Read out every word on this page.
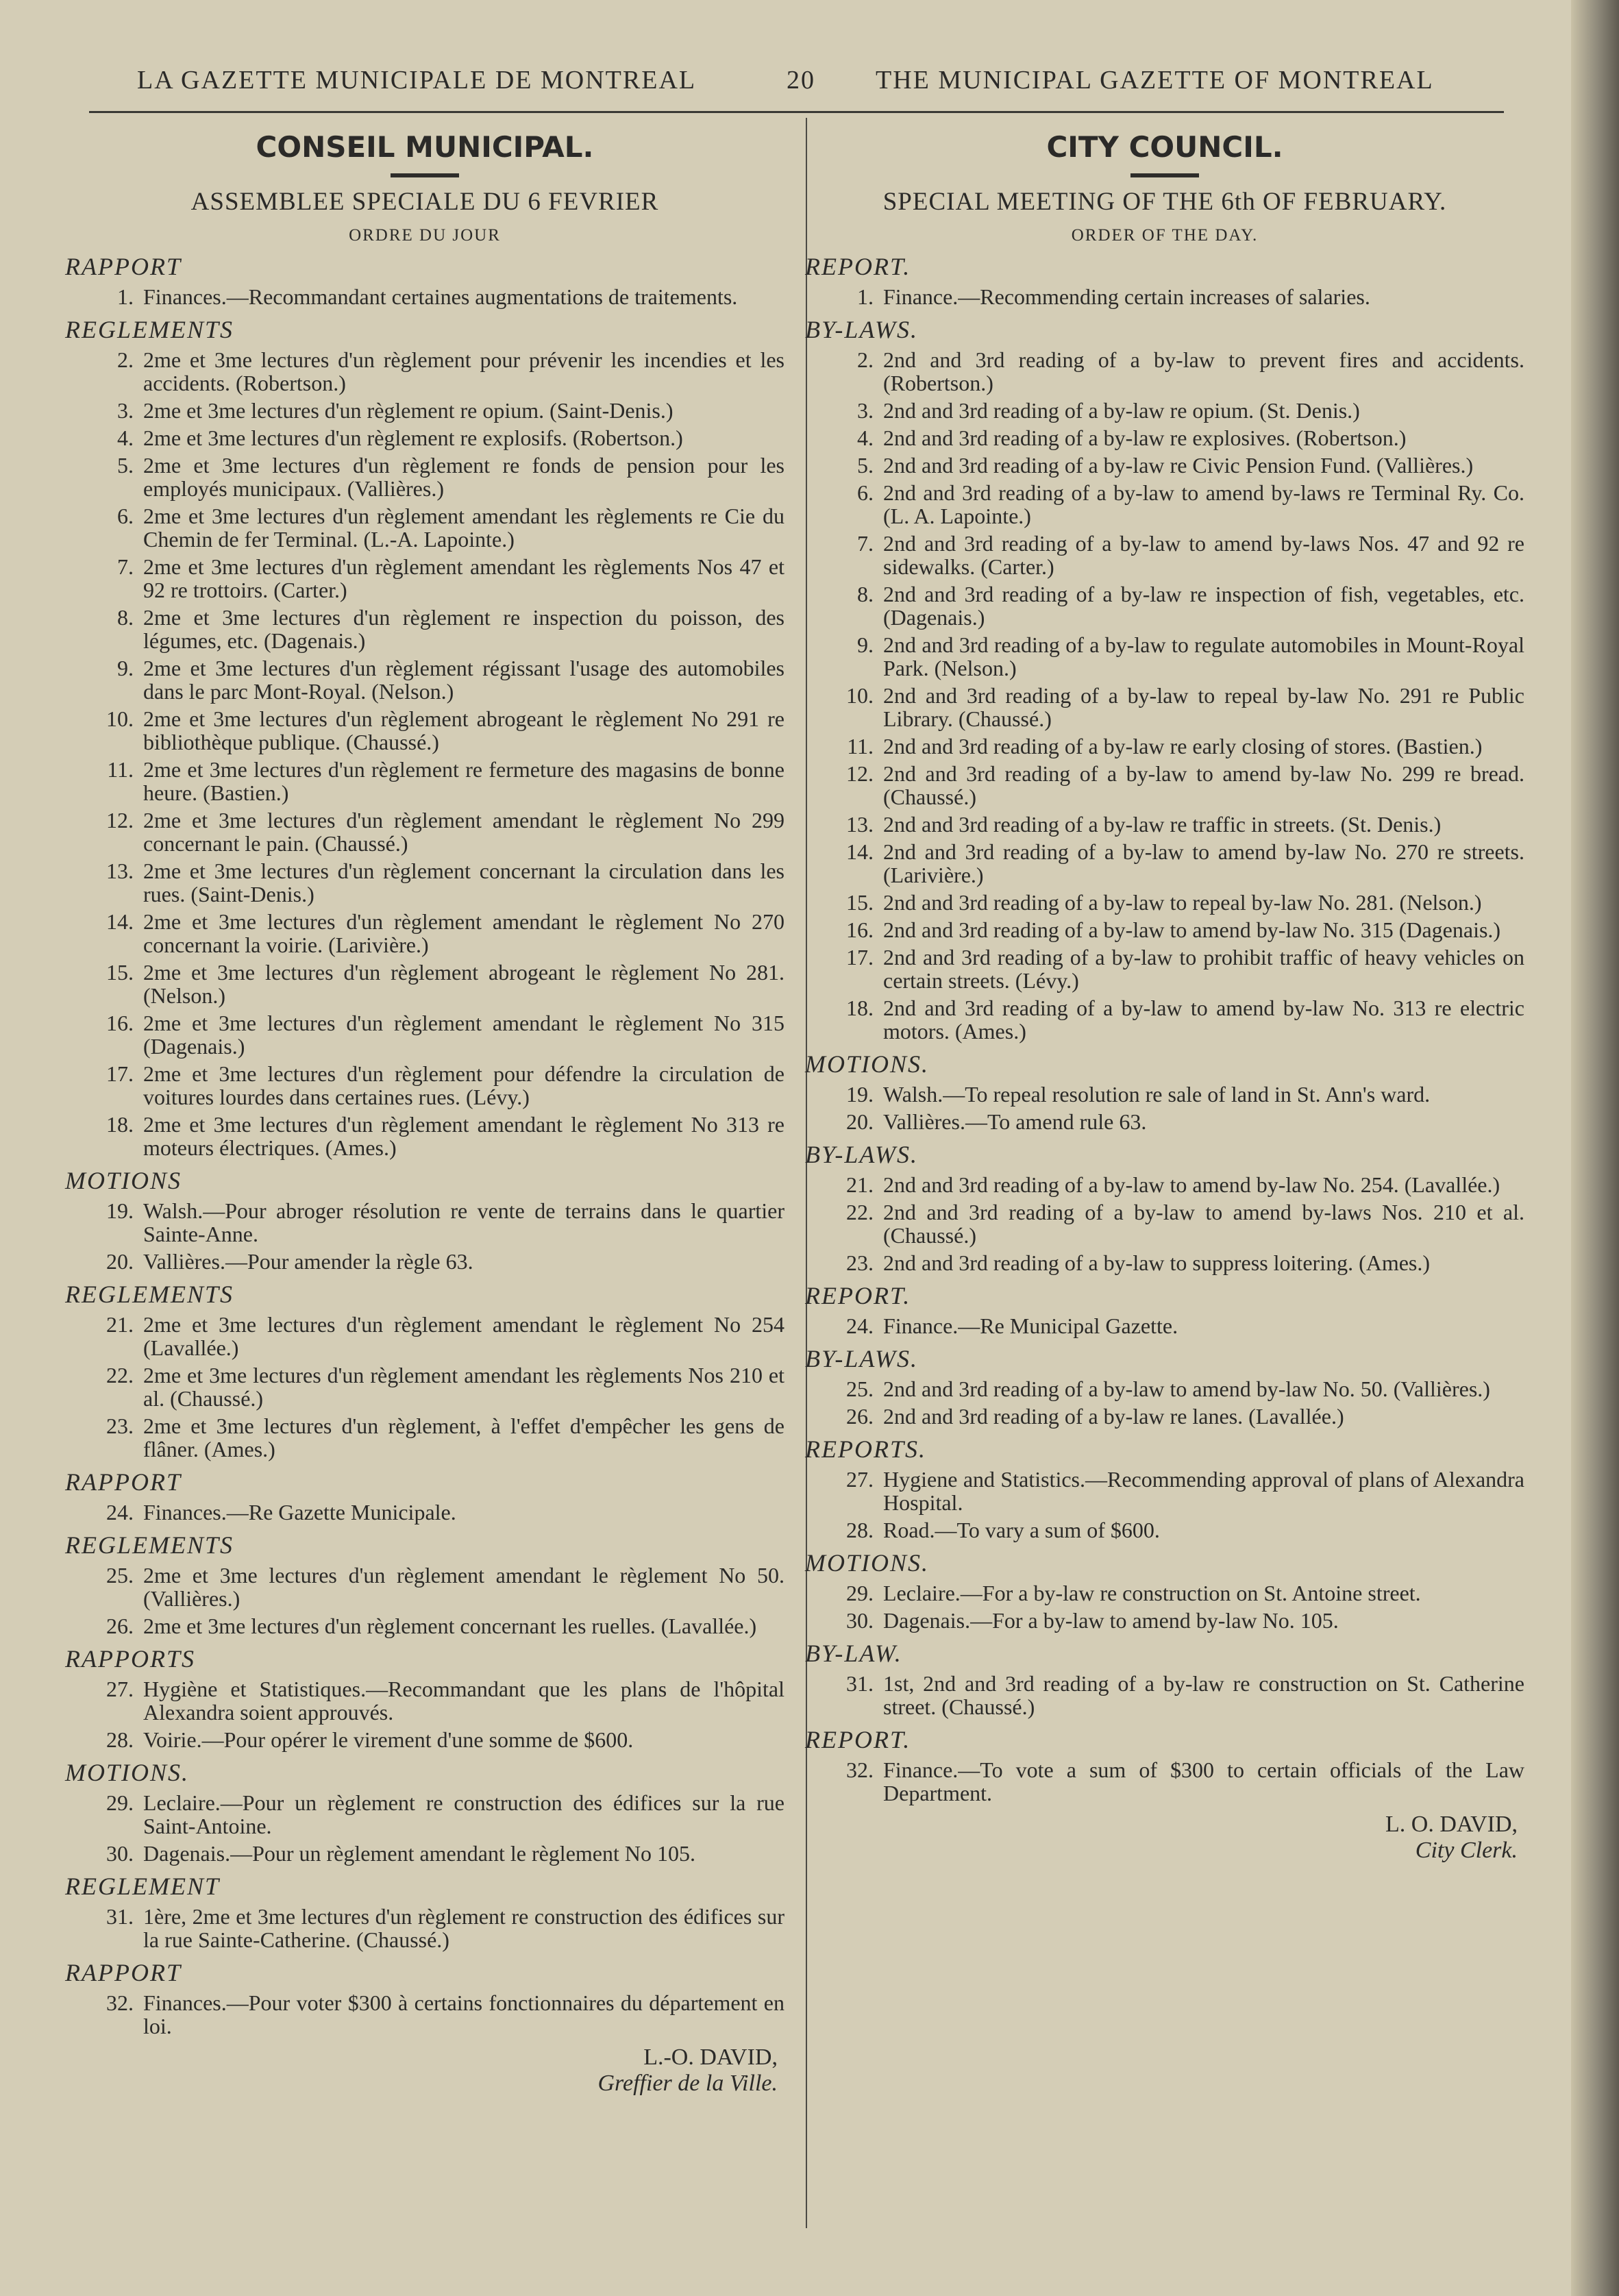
LA GAZETTE MUNICIPALE DE MONTREAL	20 THE MUNICIPAL GAZETTE OF MONTREAL
CONSEIL MUNICIPAL.
ASSEMBLEE SPECIALE DU 6 FEVRIER
ORDRE DU JOUR
RAPPORT
1. Finances.—Recommandant certaines augmentations de traitements.
REGLEMENTS
2. 2me et 3me lectures d'un règlement pour prévenir les incendies et les accidents. (Robertson.)
3. 2me et 3me lectures d'un règlement re opium. (Saint-Denis.)
4. 2me et 3me lectures d'un règlement re explosifs. (Robertson.)
5. 2me et 3me lectures d'un règlement re fonds de pension pour les employés municipaux. (Vallières.)
6. 2me et 3me lectures d'un règlement amendant les règlements re Cie du Chemin de fer Terminal. (L.-A. Lapointe.)
7. 2me et 3me lectures d'un règlement amendant les règlements Nos 47 et 92 re trottoirs. (Carter.)
8. 2me et 3me lectures d'un règlement re inspection du poisson, des légumes, etc. (Dagenais.)
9. 2me et 3me lectures d'un règlement régissant l'usage des automobiles dans le parc Mont-Royal. (Nelson.)
10. 2me et 3me lectures d'un règlement abrogeant le règlement No 291 re bibliothèque publique. (Chaussé.)
11. 2me et 3me lectures d'un règlement re fermeture des magasins de bonne heure. (Bastien.)
12. 2me et 3me lectures d'un règlement amendant le règlement No 299 concernant le pain. (Chaussé.)
13. 2me et 3me lectures d'un règlement concernant la circulation dans les rues. (Saint-Denis.)
14. 2me et 3me lectures d'un règlement amendant le règlement No 270 concernant la voirie. (Larivière.)
15. 2me et 3me lectures d'un règlement abrogeant le règlement No 281. (Nelson.)
16. 2me et 3me lectures d'un règlement amendant le règlement No 315 (Dagenais.)
17. 2me et 3me lectures d'un règlement pour défendre la circulation de voitures lourdes dans certaines rues. (Lévy.)
18. 2me et 3me lectures d'un règlement amendant le règlement No 313 re moteurs électriques. (Ames.)
MOTIONS
19. Walsh.—Pour abroger résolution re vente de terrains dans le quartier Sainte-Anne.
20. Vallières.—Pour amender la règle 63.
REGLEMENTS
21. 2me et 3me lectures d'un règlement amendant le règlement No 254 (Lavallée.)
22. 2me et 3me lectures d'un règlement amendant les règlements Nos 210 et al. (Chaussé.)
23. 2me et 3me lectures d'un règlement, à l'effet d'empêcher les gens de flâner. (Ames.)
RAPPORT
24. Finances.—Re Gazette Municipale.
REGLEMENTS
25. 2me et 3me lectures d'un règlement amendant le règlement No 50. (Vallières.)
26. 2me et 3me lectures d'un règlement concernant les ruelles. (Lavallée.)
RAPPORTS
27. Hygiène et Statistiques.—Recommandant que les plans de l'hôpital Alexandra soient approuvés.
28. Voirie.—Pour opérer le virement d'une somme de $600.
MOTIONS.
29. Leclaire.—Pour un règlement re construction des édifices sur la rue Saint-Antoine.
30. Dagenais.—Pour un règlement amendant le règlement No 105.
REGLEMENT
31. 1ère, 2me et 3me lectures d'un règlement re construction des édifices sur la rue Sainte-Catherine. (Chaussé.)
RAPPORT
32. Finances.—Pour voter $300 à certains fonctionnaires du département en loi.
L.-O. DAVID,
Greffier de la Ville.
CITY COUNCIL.
SPECIAL MEETING OF THE 6th OF FEBRUARY.
ORDER OF THE DAY.
REPORT.
1. Finance.—Recommending certain increases of salaries.
BY-LAWS.
2. 2nd and 3rd reading of a by-law to prevent fires and accidents. (Robertson.)
3. 2nd and 3rd reading of a by-law re opium. (St. Denis.)
4. 2nd and 3rd reading of a by-law re explosives. (Robertson.)
5. 2nd and 3rd reading of a by-law re Civic Pension Fund. (Vallières.)
6. 2nd and 3rd reading of a by-law to amend by-laws re Terminal Ry. Co. (L. A. Lapointe.)
7. 2nd and 3rd reading of a by-law to amend by-laws Nos. 47 and 92 re sidewalks. (Carter.)
8. 2nd and 3rd reading of a by-law re inspection of fish, vegetables, etc. (Dagenais.)
9. 2nd and 3rd reading of a by-law to regulate automobiles in Mount-Royal Park. (Nelson.)
10. 2nd and 3rd reading of a by-law to repeal by-law No. 291 re Public Library. (Chaussé.)
11. 2nd and 3rd reading of a by-law re early closing of stores. (Bastien.)
12. 2nd and 3rd reading of a by-law to amend by-law No. 299 re bread. (Chaussé.)
13. 2nd and 3rd reading of a by-law re traffic in streets. (St. Denis.)
14. 2nd and 3rd reading of a by-law to amend by-law No. 270 re streets. (Larivière.)
15. 2nd and 3rd reading of a by-law to repeal by-law No. 281. (Nelson.)
16. 2nd and 3rd reading of a by-law to amend by-law No. 315 (Dagenais.)
17. 2nd and 3rd reading of a by-law to prohibit traffic of heavy vehicles on certain streets. (Lévy.)
18. 2nd and 3rd reading of a by-law to amend by-law No. 313 re electric motors. (Ames.)
MOTIONS.
19. Walsh.—To repeal resolution re sale of land in St. Ann's ward.
20. Vallières.—To amend rule 63.
BY-LAWS.
21. 2nd and 3rd reading of a by-law to amend by-law No. 254. (Lavallée.)
22. 2nd and 3rd reading of a by-law to amend by-laws Nos. 210 et al. (Chaussé.)
23. 2nd and 3rd reading of a by-law to suppress loitering. (Ames.)
REPORT.
24. Finance.—Re Municipal Gazette.
BY-LAWS.
25. 2nd and 3rd reading of a by-law to amend by-law No. 50. (Vallières.)
26. 2nd and 3rd reading of a by-law re lanes. (Lavallée.)
REPORTS.
27. Hygiene and Statistics.—Recommending approval of plans of Alexandra Hospital.
28. Road.—To vary a sum of $600.
MOTIONS.
29. Leclaire.—For a by-law re construction on St. Antoine street.
30. Dagenais.—For a by-law to amend by-law No. 105.
BY-LAW.
31. 1st, 2nd and 3rd reading of a by-law re construction on St. Catherine street. (Chaussé.)
REPORT.
32. Finance.—To vote a sum of $300 to certain officials of the Law Department.
L. O. DAVID,
City Clerk.
